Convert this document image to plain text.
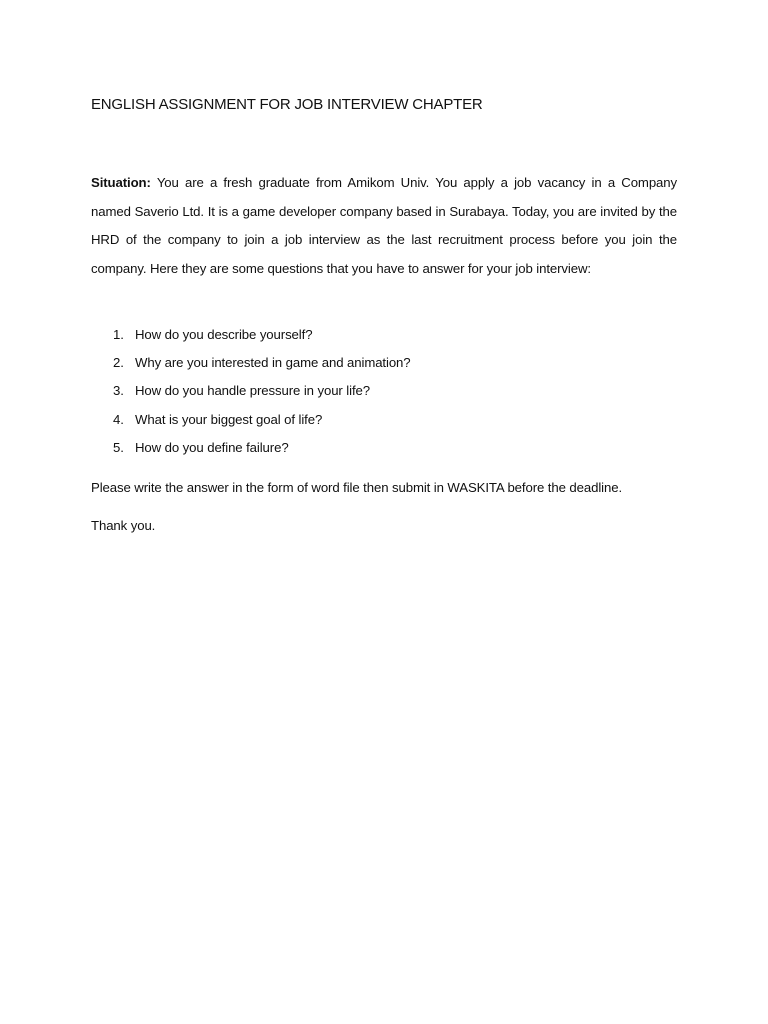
ENGLISH ASSIGNMENT FOR JOB INTERVIEW CHAPTER
Situation: You are a fresh graduate from Amikom Univ. You apply a job vacancy in a Company named Saverio Ltd. It is a game developer company based in Surabaya. Today, you are invited by the HRD of the company to join a job interview as the last recruitment process before you join the company. Here they are some questions that you have to answer for your job interview:
1. How do you describe yourself?
2. Why are you interested in game and animation?
3. How do you handle pressure in your life?
4. What is your biggest goal of life?
5. How do you define failure?
Please write the answer in the form of word file then submit in WASKITA before the deadline.
Thank you.
